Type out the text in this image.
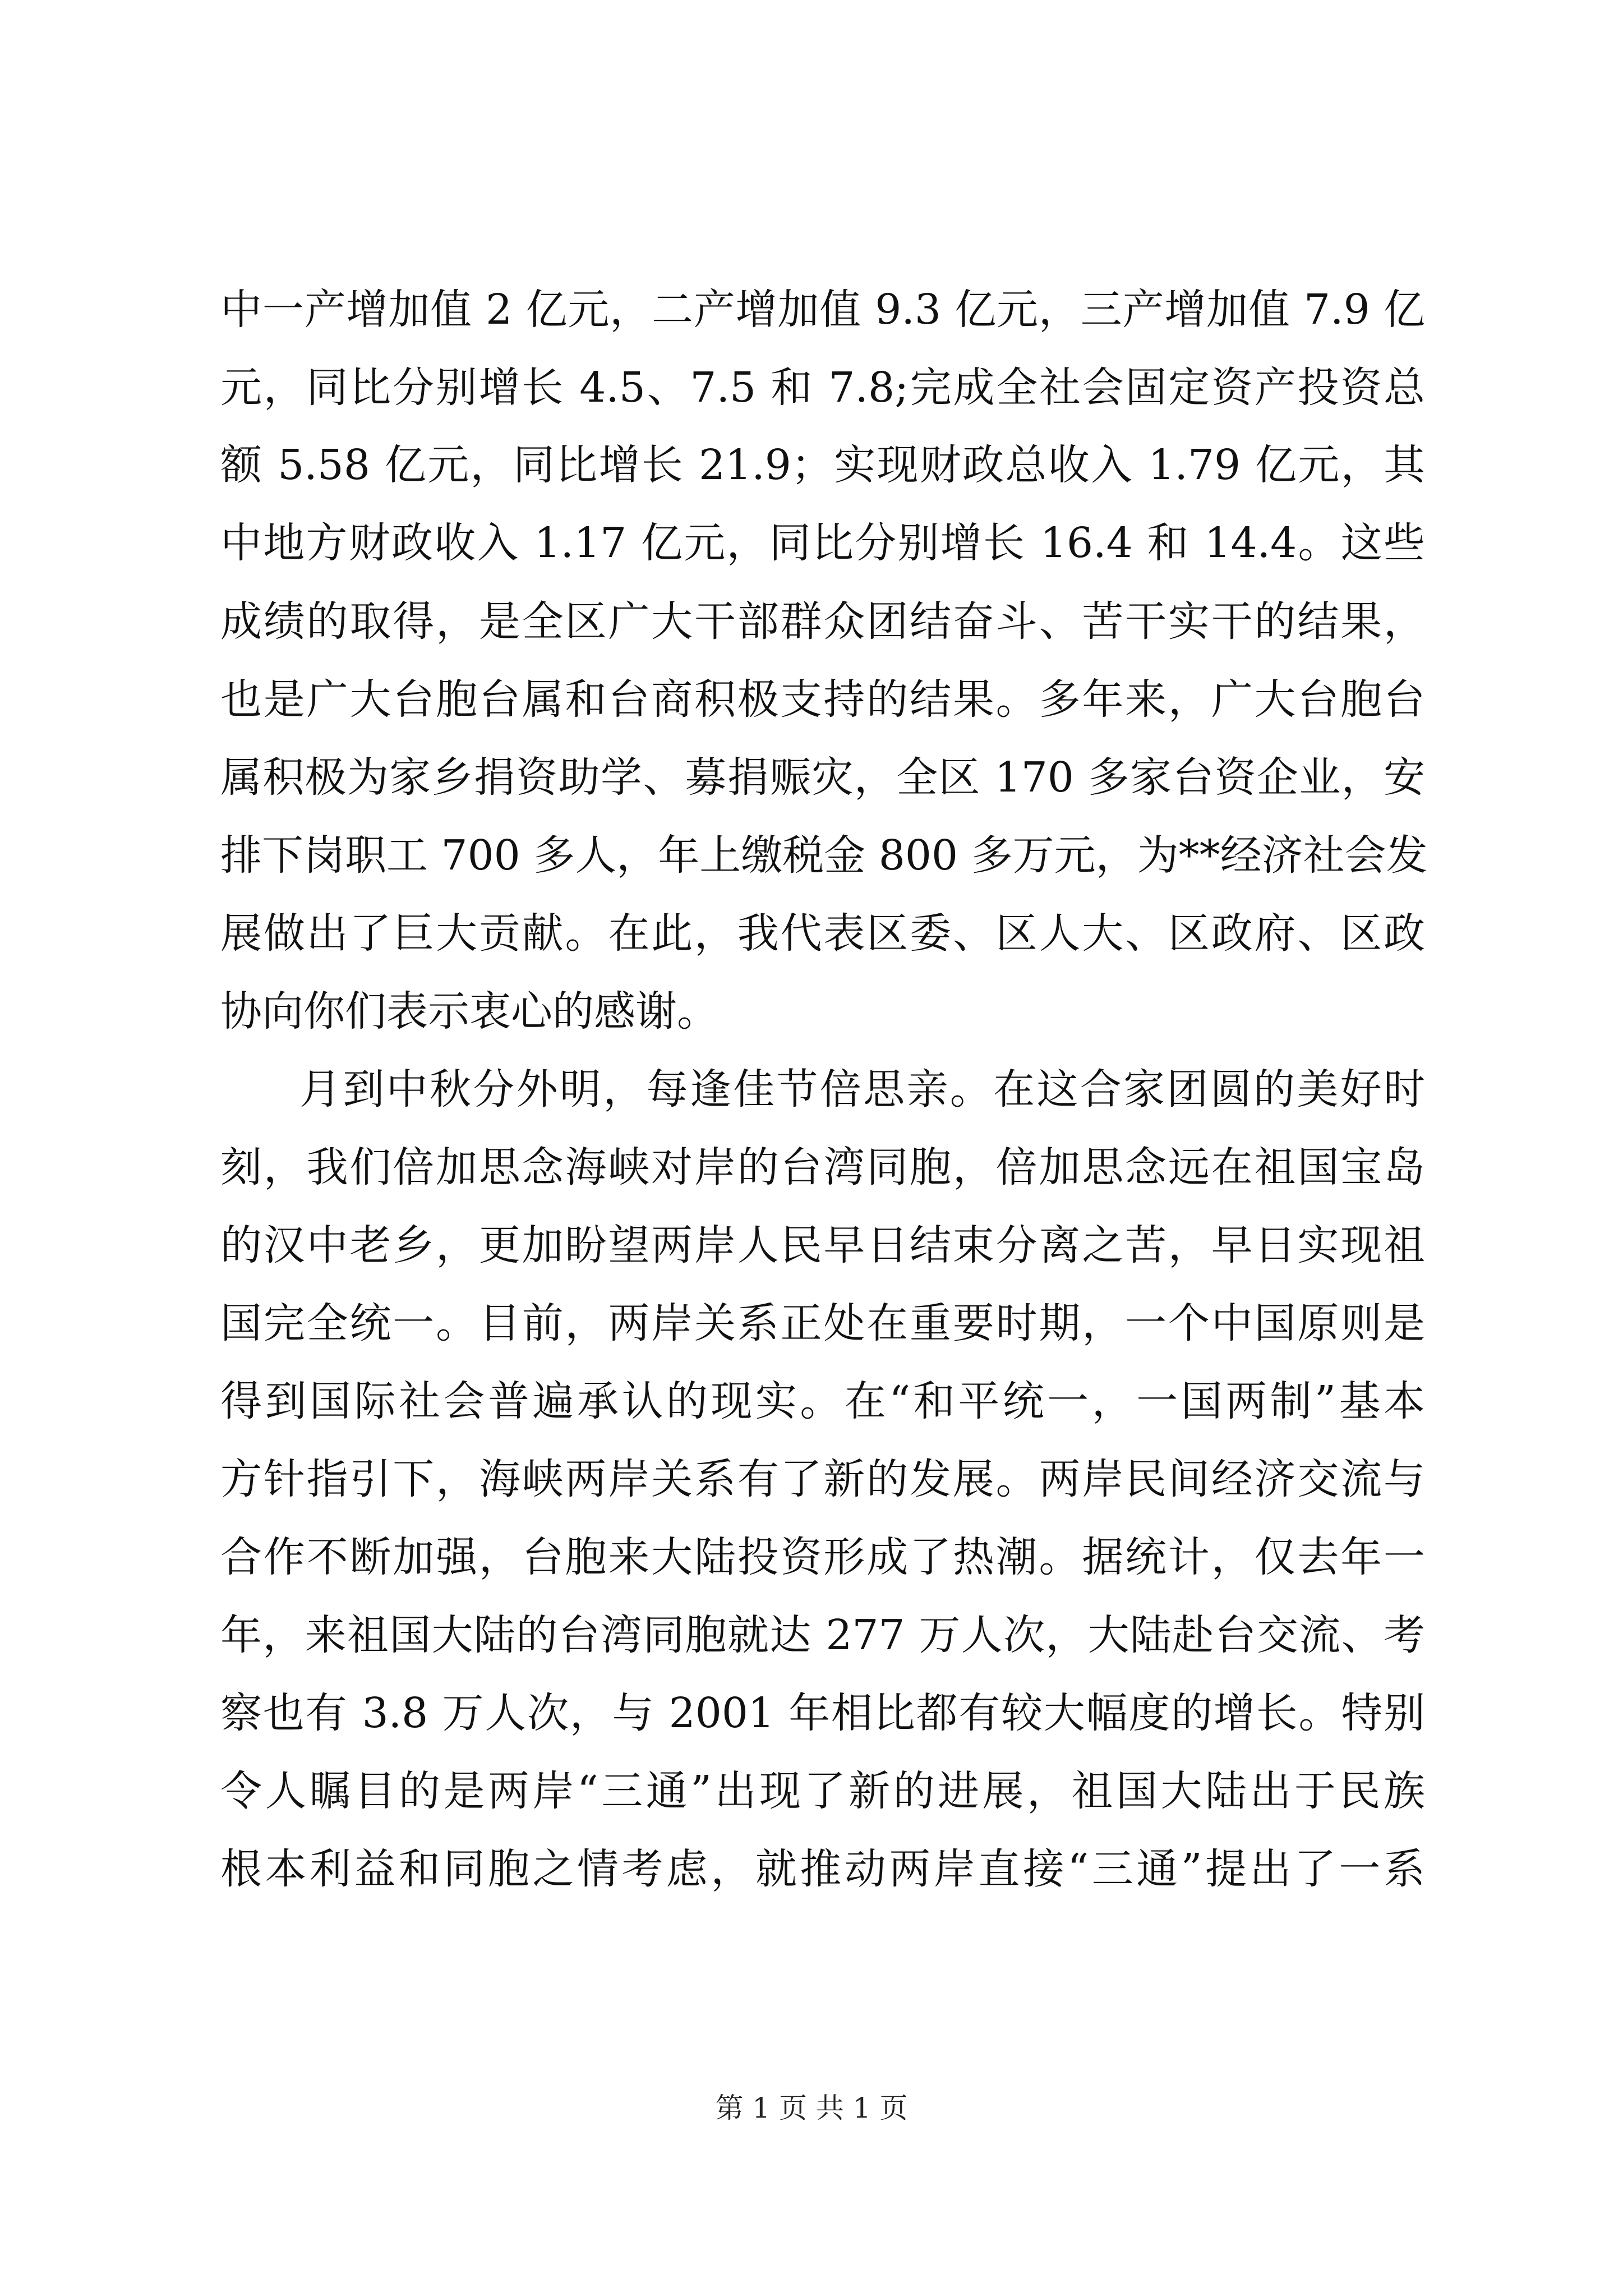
中一产增加值 2 亿元，二产增加值 9.3 亿元，三产增加值 7.9 亿
元，同比分别增长 4.5、7.5 和 7.8;完成全社会固定资产投资总
额 5.58 亿元，同比增长 21.9；实现财政总收入 1.79 亿元，其
中地方财政收入 1.17 亿元，同比分别增长 16.4 和 14.4。这些
成绩的取得，是全区广大干部群众团结奋斗、苦干实干的结果，
也是广大台胞台属和台商积极支持的结果。多年来，广大台胞台
属积极为家乡捐资助学、募捐赈灾，全区 170 多家台资企业，安
排下岗职工 700 多人，年上缴税金 800 多万元，为**经济社会发
展做出了巨大贡献。在此，我代表区委、区人大、区政府、区政
协向你们表示衷心的感谢。
月到中秋分外明，每逢佳节倍思亲。在这合家团圆的美好时
刻，我们倍加思念海峡对岸的台湾同胞，倍加思念远在祖国宝岛
的汉中老乡，更加盼望两岸人民早日结束分离之苦，早日实现祖
国完全统一。目前，两岸关系正处在重要时期，一个中国原则是
得到国际社会普遍承认的现实。在“和平统一，一国两制”基本
方针指引下，海峡两岸关系有了新的发展。两岸民间经济交流与
合作不断加强，台胞来大陆投资形成了热潮。据统计，仅去年一
年，来祖国大陆的台湾同胞就达 277 万人次，大陆赴台交流、考
察也有 3.8 万人次，与 2001 年相比都有较大幅度的增长。特别
令人瞩目的是两岸“三通”出现了新的进展，祖国大陆出于民族
根本利益和同胞之情考虑，就推动两岸直接“三通”提出了一系
第 1 页 共 1 页
